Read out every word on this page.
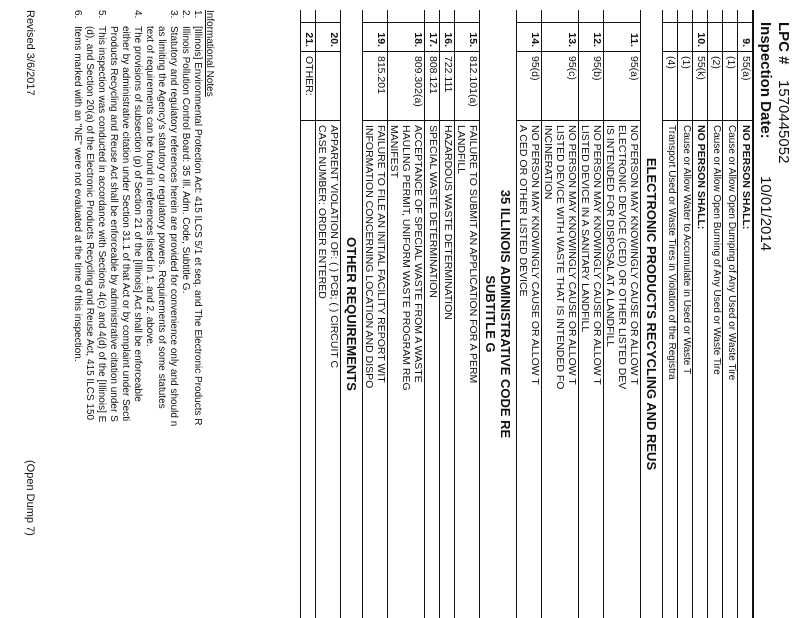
LPC #
1570445052
Inspection Date:
10/01/2014
9.
55(a)
NO PERSON SHALL:
(1)
Cause or Allow Open Dumping of Any Used or Waste Tire
(2)
Cause or Allow Open Burning of Any Used or Waste Tire
10.
55(k)
NO PERSON SHALL:
(1)
Cause or Allow Water to Accumulate in Used or Waste T
(4)
Transport Used or Waste Tires in Violation of the Registra
ELECTRONIC PRODUCTS RECYCLING AND REUS
11.
95(a)
NO PERSON MAY KNOWINGLY CAUSE OR ALLOW T
ELECTRONIC DEVICE (CED) OR OTHER LISTED DEV
IS INTENDED FOR DISPOSAL AT A LANDFILL
12.
95(b)
NO PERSON MAY KNOWINGLY CAUSE OR ALLOW T
LISTED DEVICE IN A SANITARY LANDFILL
13.
95(c)
NO PERSON MAY KNOWINGLY CAUSE OR ALLOW T
LISTED DEVICE WITH WASTE THAT IS INTENDED FO
INCINERATION
14.
95(d)
NO PERSON MAY KNOWINGLY CAUSE OR ALLOW T
A CED OR OTHER LISTED DEVICE
35 ILLINOIS ADMINISTRATIVE CODE RE
SUBTITLE G
15.
812.101(a)
FAILURE TO SUBMIT AN APPLICATION FOR A PERM
LANDFILL
16.
722.111
HAZARDOUS WASTE DETERMINATION
17.
808.121
SPECIAL WASTE DETERMINATION
18.
809.302(a)
ACCEPTANCE OF SPECIAL WASTE FROM A WASTE
HAULING PERMIT, UNIFORM WASTE PROGRAM REG
MANIFEST
19.
815.201
FAILURE TO FILE AN INITIAL FACILITY REPORT WIT
INFORMATION CONCERNING LOCATION AND DISPO
OTHER REQUIREMENTS
20.
APPARENT VIOLATION OF: ( ) PCB; ( ) CIRCUIT C
CASE NUMBER: ORDER ENTERED
21.
OTHER:
Informational Notes
1.
[Illinois] Environmental Protection Act: 415 ILCS 5/1 et seq. and The Electronic Products R
2.
Illinois Pollution Control Board: 35 Ill. Adm. Code, Subtitle G.
3.
Statutory and regulatory references herein are provided for convenience only and should n
as limiting the Agency's statutory or regulatory powers. Requirements of some statutes
text of requirements can be found in references listed in 1. and 2. above.
4.
The provisions of subsection (p) of Section 21 of the [Illinois] Act shall be enforceable
either by administrative citation under Section 31.1 of that Act or by complaint under Secti
Products Recycling and Reuse Act shall be enforceable by administrative citation under S
5.
This inspection was conducted in accordance with Sections 4(c) and 4(d) of the [Illinois] E
(d), and Section 20(a) of the Electronic Products Recycling and Reuse Act, 415 ILCS 150
6.
Items marked with an "NE" were not evaluated at the time of this inspection.
Revised 3/6/2017
(Open Dump 7)
